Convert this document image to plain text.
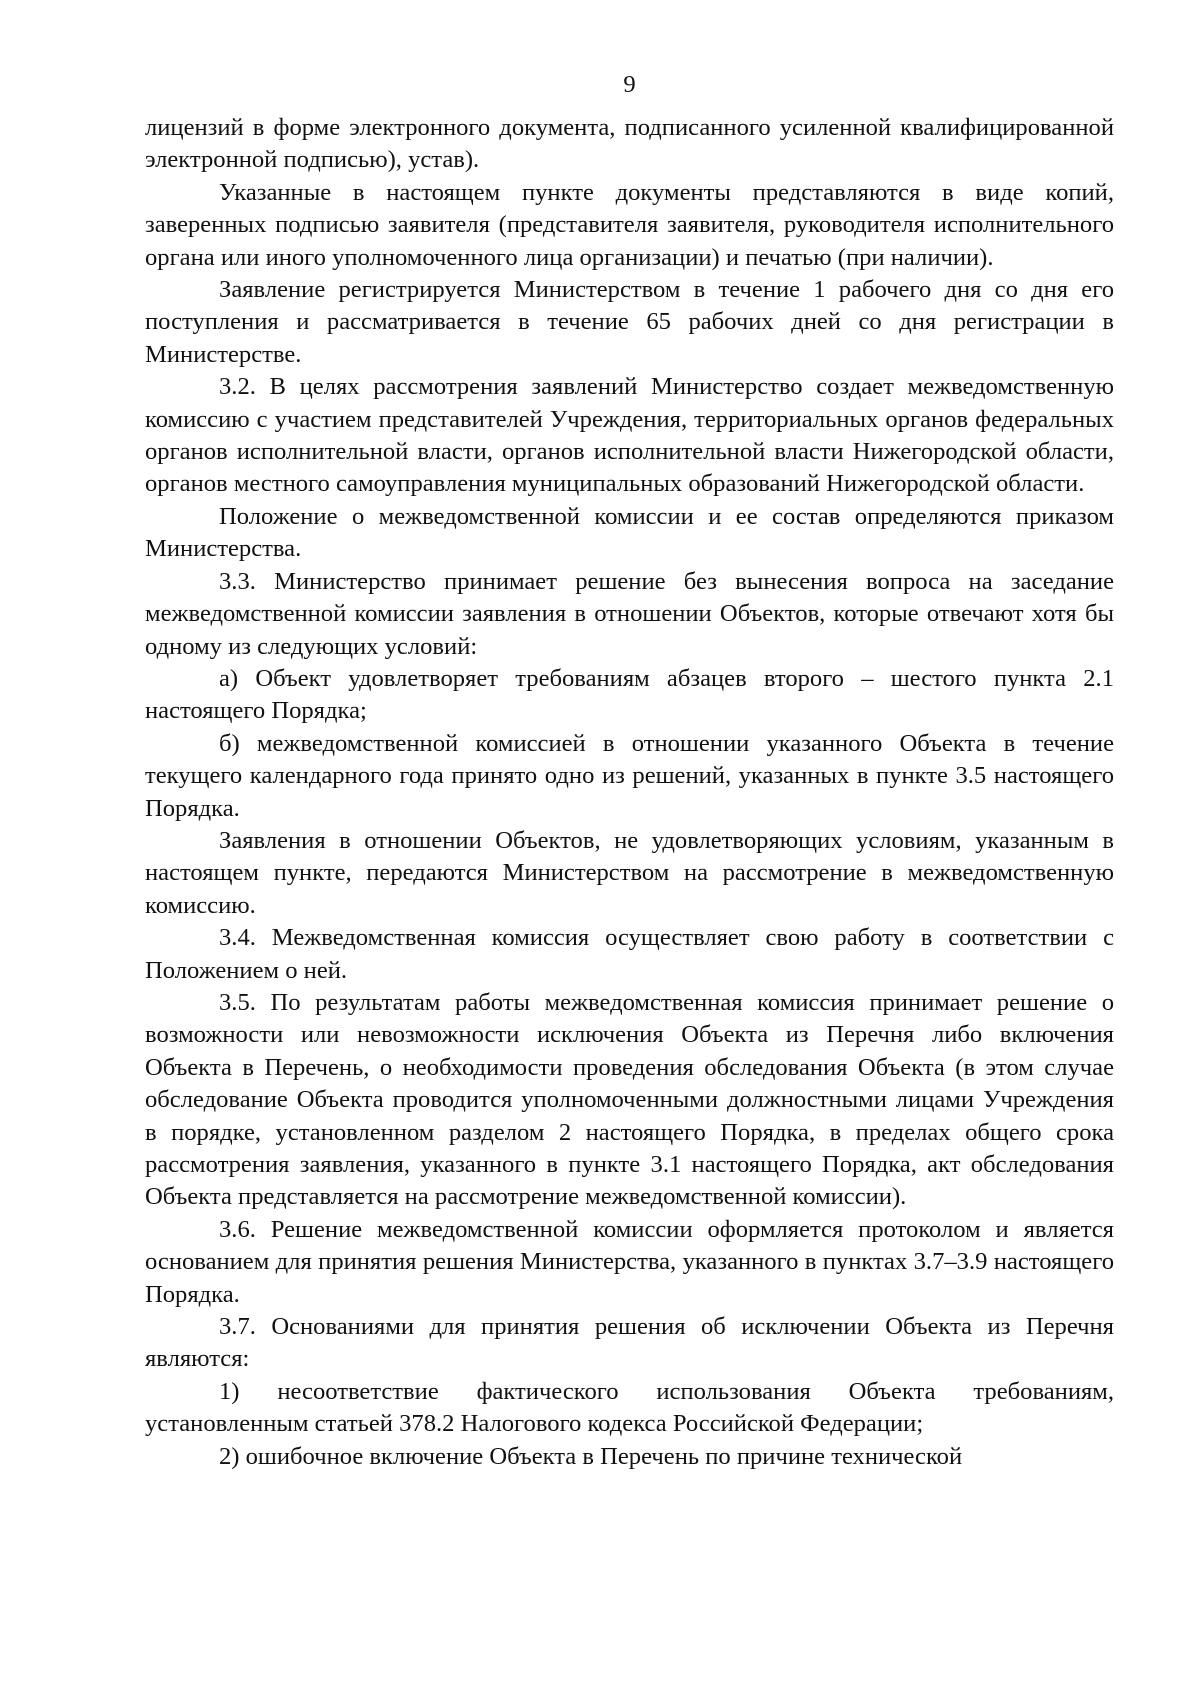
9

лицензий в форме электронного документа, подписанного усиленной квалифицированной электронной подписью), устав).

Указанные в настоящем пункте документы представляются в виде копий, заверенных подписью заявителя (представителя заявителя, руководителя исполнительного органа или иного уполномоченного лица организации) и печатью (при наличии).

Заявление регистрируется Министерством в течение 1 рабочего дня со дня его поступления и рассматривается в течение 65 рабочих дней со дня регистрации в Министерстве.

3.2. В целях рассмотрения заявлений Министерство создает межведомственную комиссию с участием представителей Учреждения, территориальных органов федеральных органов исполнительной власти, органов исполнительной власти Нижегородской области, органов местного самоуправления муниципальных образований Нижегородской области.

Положение о межведомственной комиссии и ее состав определяются приказом Министерства.

3.3. Министерство принимает решение без вынесения вопроса на заседание межведомственной комиссии заявления в отношении Объектов, которые отвечают хотя бы одному из следующих условий:

а) Объект удовлетворяет требованиям абзацев второго – шестого пункта 2.1 настоящего Порядка;

б) межведомственной комиссией в отношении указанного Объекта в течение текущего календарного года принято одно из решений, указанных в пункте 3.5 настоящего Порядка.

Заявления в отношении Объектов, не удовлетворяющих условиям, указанным в настоящем пункте, передаются Министерством на рассмотрение в межведомственную комиссию.

3.4. Межведомственная комиссия осуществляет свою работу в соответствии с Положением о ней.

3.5. По результатам работы межведомственная комиссия принимает решение о возможности или невозможности исключения Объекта из Перечня либо включения Объекта в Перечень, о необходимости проведения обследования Объекта (в этом случае обследование Объекта проводится уполномоченными должностными лицами Учреждения в порядке, установленном разделом 2 настоящего Порядка, в пределах общего срока рассмотрения заявления, указанного в пункте 3.1 настоящего Порядка, акт обследования Объекта представляется на рассмотрение межведомственной комиссии).

3.6. Решение межведомственной комиссии оформляется протоколом и является основанием для принятия решения Министерства, указанного в пунктах 3.7–3.9 настоящего Порядка.

3.7. Основаниями для принятия решения об исключении Объекта из Перечня являются:

1) несоответствие фактического использования Объекта требованиям, установленным статьей 378.2 Налогового кодекса Российской Федерации;

2) ошибочное включение Объекта в Перечень по причине технической
